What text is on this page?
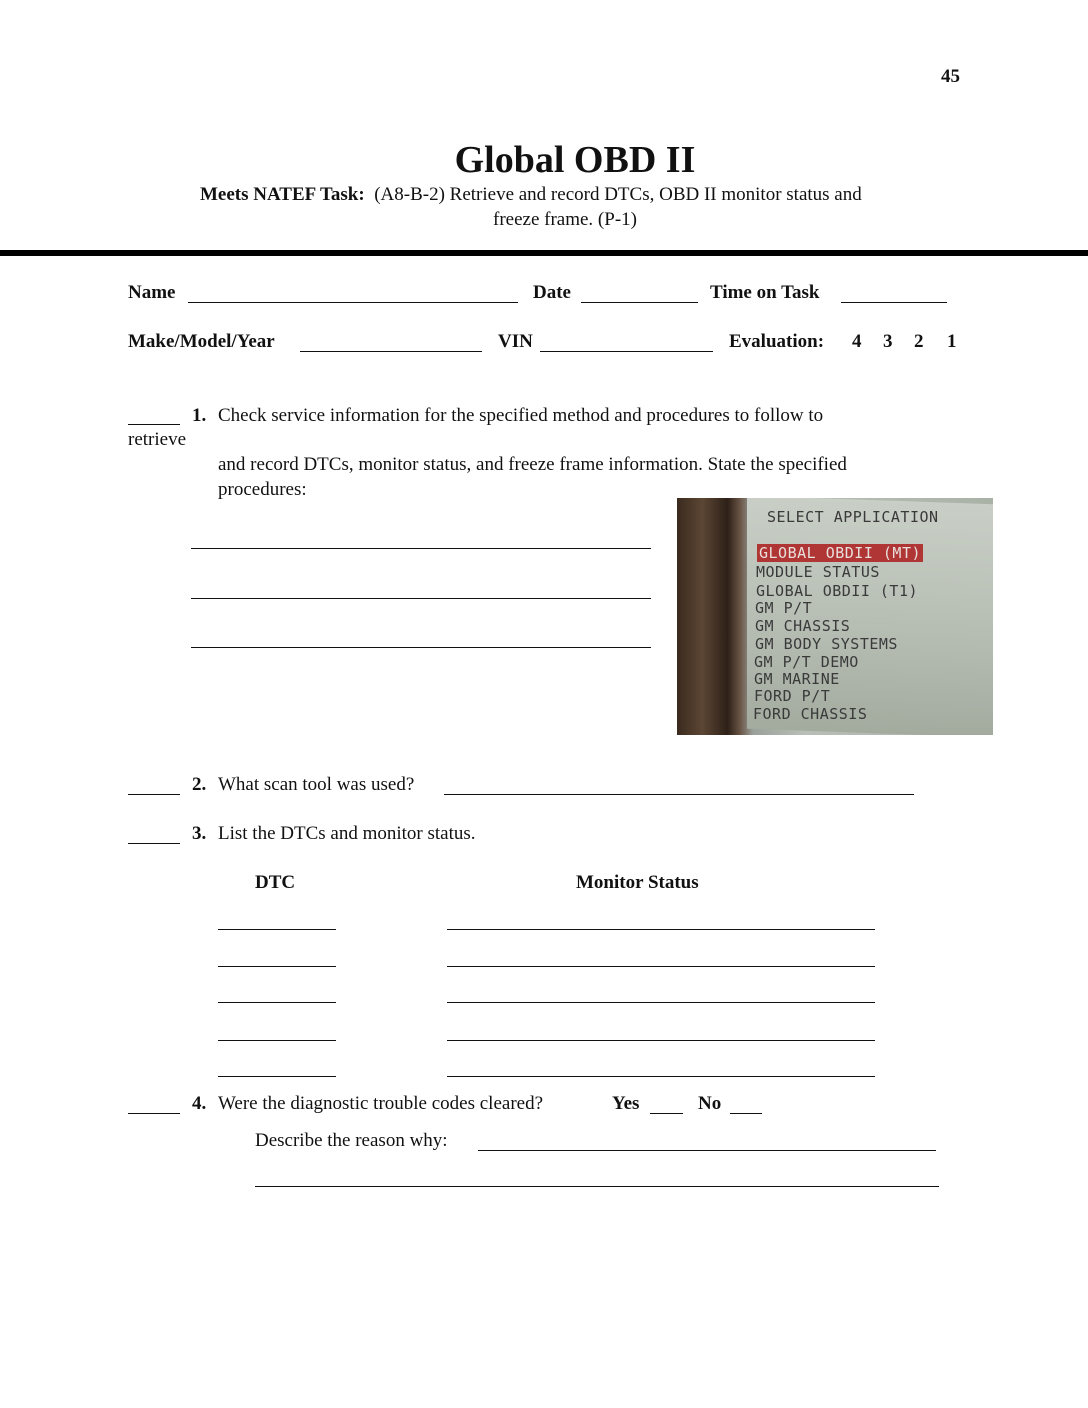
45
Global OBD II
Meets NATEF Task: (A8-B-2) Retrieve and record DTCs, OBD II monitor status and
freeze frame. (P-1)
Name	Date	Time on Task
Make/Model/Year	VIN	Evaluation: 4 3 2 1
1. Check service information for the specified method and procedures to follow to
retrieve
and record DTCs, monitor status, and freeze frame information. State the specified
procedures:
SELECT APPLICATION
GLOBAL OBDII (MT)
MODULE STATUS
GLOBAL OBDII (T1)
GM P/T
GM CHASSIS
GM BODY SYSTEMS
GM P/T DEMO
GM MARINE
FORD P/T
FORD CHASSIS
2. What scan tool was used?
3. List the DTCs and monitor status.
DTC	Monitor Status
4. Were the diagnostic trouble codes cleared?	Yes	No
Describe the reason why:
